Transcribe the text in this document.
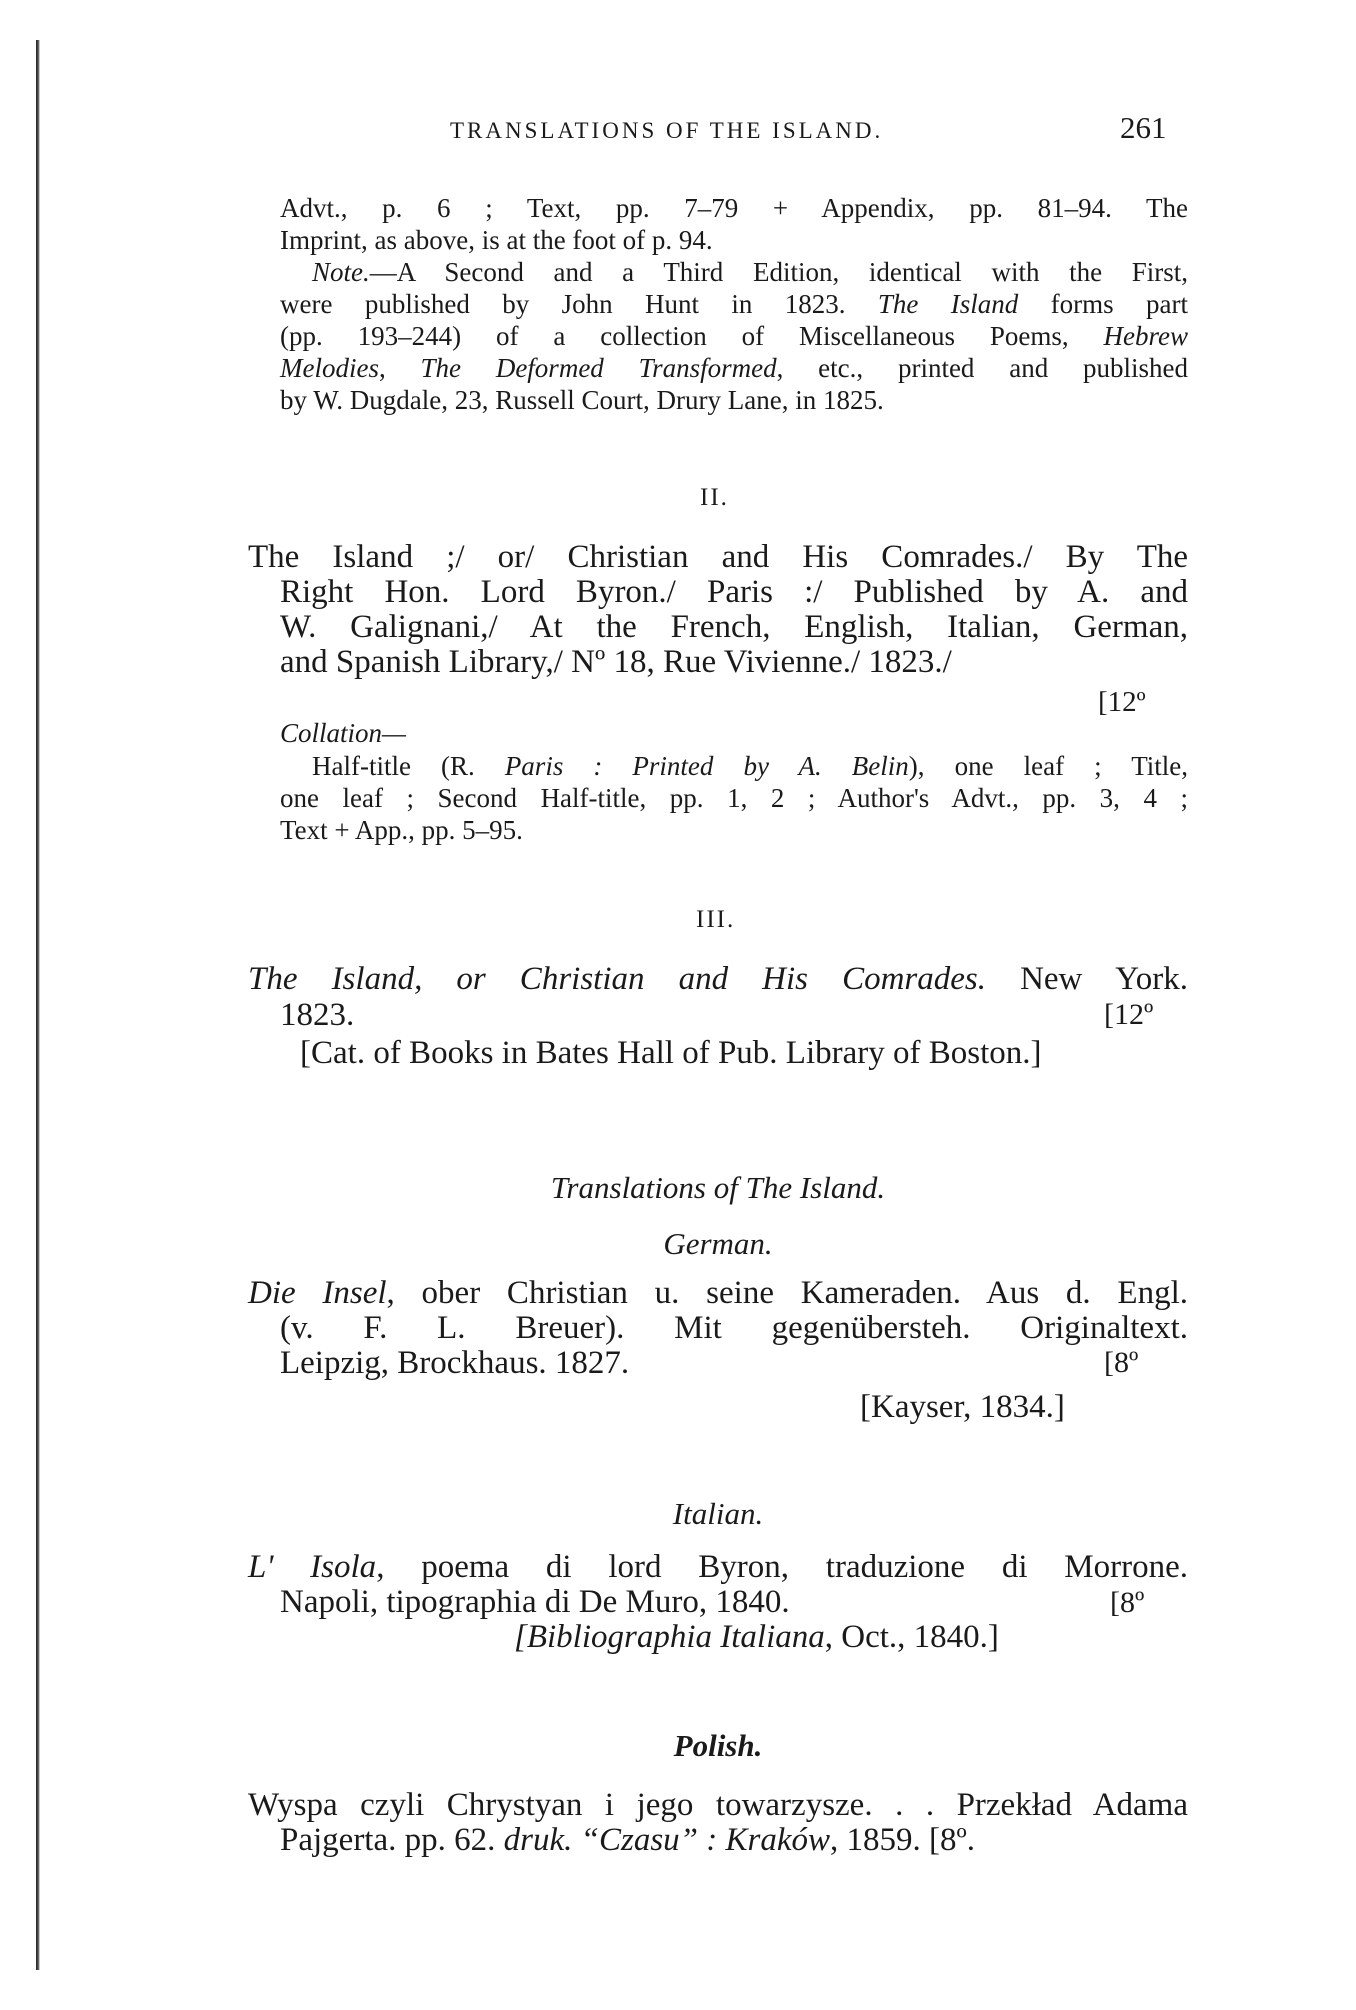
TRANSLATIONS OF THE ISLAND.	261
Advt., p. 6 ; Text, pp. 7–79 + Appendix, pp. 81–94. The
Imprint, as above, is at the foot of p. 94.
Note.—A Second and a Third Edition, identical with the First,
were published by John Hunt in 1823. The Island forms part
(pp. 193–244) of a collection of Miscellaneous Poems, Hebrew
Melodies, The Deformed Transformed, etc., printed and published
by W. Dugdale, 23, Russell Court, Drury Lane, in 1825.
II.
The Island ;/ or/ Christian and His Comrades./ By The
Right Hon. Lord Byron./ Paris :/ Published by A. and
W. Galignani,/ At the French, English, Italian, German,
and Spanish Library,/ Nº 18, Rue Vivienne./ 1823./
[12º
Collation—
Half-title (R. Paris : Printed by A. Belin), one leaf ; Title,
one leaf ; Second Half-title, pp. 1, 2 ; Author's Advt., pp. 3, 4 ;
Text + App., pp. 5–95.
III.
The Island, or Christian and His Comrades. New York.
1823.	[12º
[Cat. of Books in Bates Hall of Pub. Library of Boston.]
Translations of The Island.
German.
Die Insel, ober Christian u. seine Kameraden. Aus d. Engl.
(v. F. L. Breuer). Mit gegenübersteh. Originaltext.
Leipzig, Brockhaus. 1827.	[8º
[Kayser, 1834.]
Italian.
L' Isola, poema di lord Byron, traduzione di Morrone.
Napoli, tipographia di De Muro, 1840.	[8º
[Bibliographia Italiana, Oct., 1840.]
Polish.
Wyspa czyli Chrystyan i jego towarzysze. . . Przekład Adama
Pajgerta. pp. 62. druk. “Czasu” : Kraków, 1859. [8º.
